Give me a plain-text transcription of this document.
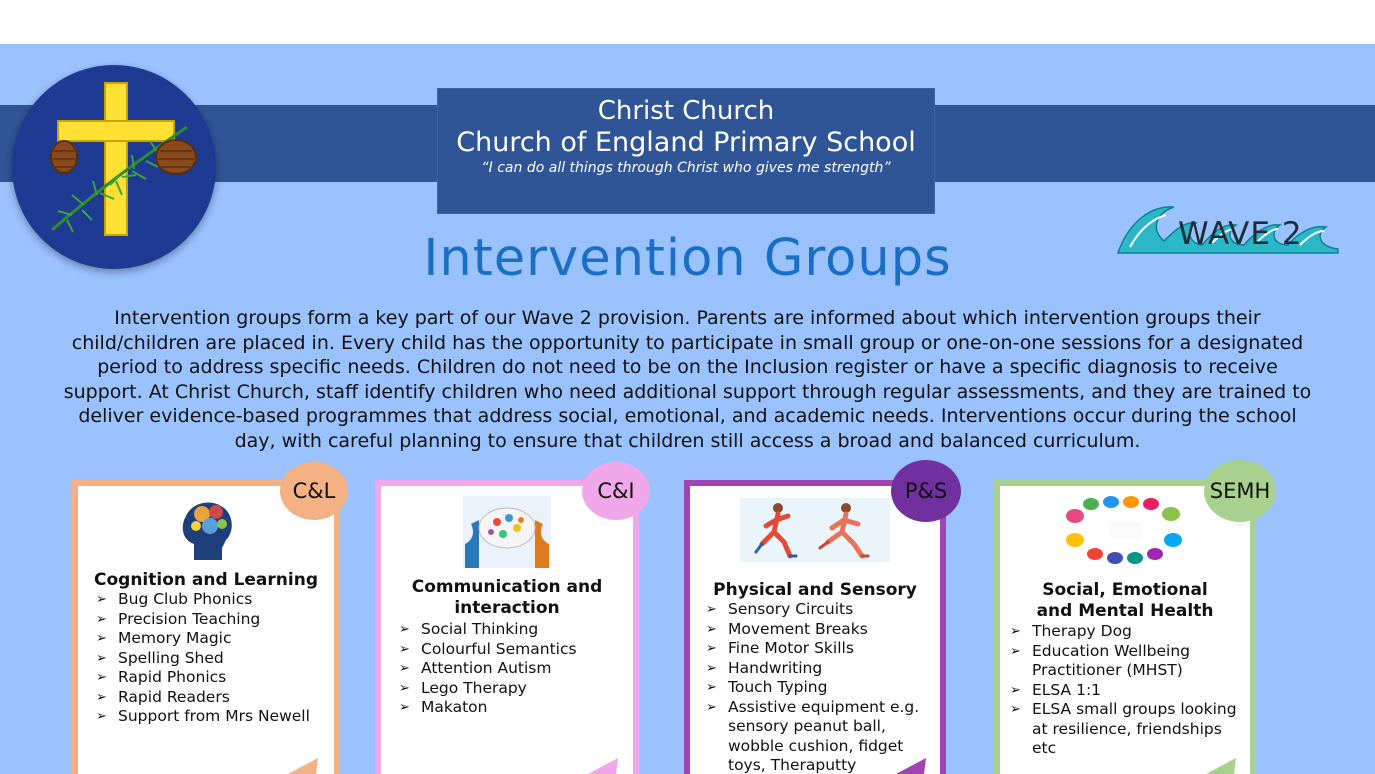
Christ Church
Church of England Primary School
“I can do all things through Christ who gives me strength”
WAVE 2
Intervention Groups
Intervention groups form a key part of our Wave 2 provision. Parents are informed about which intervention groups their child/children are placed in. Every child has the opportunity to participate in small group or one-on-one sessions for a designated period to address specific needs. Children do not need to be on the Inclusion register or have a specific diagnosis to receive support. At Christ Church, staff identify children who need additional support through regular assessments, and they are trained to deliver evidence-based programmes that address social, emotional, and academic needs. Interventions occur during the school day, with careful planning to ensure that children still access a broad and balanced curriculum.
Cognition and Learning
➢ Bug Club Phonics
➢ Precision Teaching
➢ Memory Magic
➢ Spelling Shed
➢ Rapid Phonics
➢ Rapid Readers
➢ Support from Mrs Newell
C&L
Communication and interaction
➢ Social Thinking
➢ Colourful Semantics
➢ Attention Autism
➢ Lego Therapy
➢ Makaton
C&I
Physical and Sensory
➢ Sensory Circuits
➢ Movement Breaks
➢ Fine Motor Skills
➢ Handwriting
➢ Touch Typing
➢ Assistive equipment e.g. sensory peanut ball, wobble cushion, fidget toys, Theraputty
P&S
Social, Emotional and Mental Health
➢ Therapy Dog
➢ Education Wellbeing Practitioner (MHST)
➢ ELSA 1:1
➢ ELSA small groups looking at resilience, friendships etc
SEMH
